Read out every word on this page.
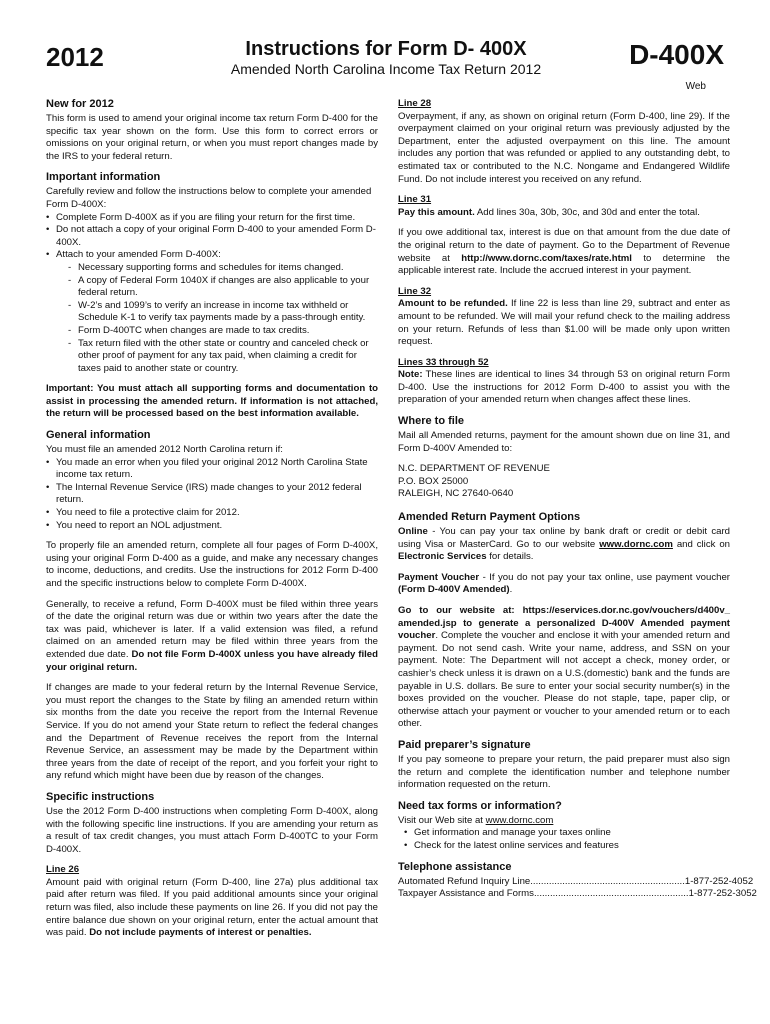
2012	Instructions for Form D- 400X
Amended North Carolina Income Tax Return 2012	D-400X
Web
New for 2012

This form is used to amend your original income tax return Form D-400 for the specific tax year shown on the form. Use this form to correct errors or omissions on your original return, or when you must report changes made by the IRS to your federal return.

Important information
Carefully review and follow the instructions below to complete your amended Form D-400X:
• Complete Form D-400X as if you are filing your return for the first time.
• Do not attach a copy of your original Form D-400 to your amended Form D-400X.
• Attach to your amended Form D-400X:
- Necessary supporting forms and schedules for items changed.
- A copy of Federal Form 1040X if changes are also applicable to your federal return.
- W-2’s and 1099’s to verify an increase in income tax withheld or Schedule K-1 to verify tax payments made by a pass-through entity.
- Form D-400TC when changes are made to tax credits.
- Tax return filed with the other state or country and canceled check or other proof of payment for any tax paid, when claiming a credit for taxes paid to another state or country.

Important: You must attach all supporting forms and documentation to assist in processing the amended return. If information is not attached, the return will be processed based on the best information available.

General information
You must file an amended 2012 North Carolina return if:
• You made an error when you filed your original 2012 North Carolina State income tax return.
• The Internal Revenue Service (IRS) made changes to your 2012 federal return.
• You need to file a protective claim for 2012.
• You need to report an NOL adjustment.

To properly file an amended return, complete all four pages of Form D-400X, using your original Form D-400 as a guide, and make any necessary changes to income, deductions, and credits. Use the instructions for 2012 Form D-400 and the specific instructions below to complete Form D-400X.

Generally, to receive a refund, Form D-400X must be filed within three years of the date the original return was due or within two years after the date the tax was paid, whichever is later. If a valid extension was filed, a refund claimed on an amended return may be filed within three years from the extended due date. Do not file Form D-400X unless you have already filed your original return.

If changes are made to your federal return by the Internal Revenue Service, you must report the changes to the State by filing an amended return within six months from the date you receive the report from the Internal Revenue Service. If you do not amend your State return to reflect the federal changes and the Department of Revenue receives the report from the Internal Revenue Service, an assessment may be made by the Department within three years from the date of receipt of the report, and you forfeit your right to any refund which might have been due by reason of the changes.

Specific instructions

Use the 2012 Form D-400 instructions when completing Form D-400X, along with the following specific line instructions. If you are amending your return as a result of tax credit changes, you must attach Form D-400TC to your Form D-400X.

Line 26

Amount paid with original return (Form D-400, line 27a) plus additional tax paid after return was filed. If you paid additional amounts since your original return was filed, also include these payments on line 26. If you did not pay the entire balance due shown on your original return, enter the actual amount that was paid. Do not include payments of interest or penalties.

Line 28

Overpayment, if any, as shown on original return (Form D-400, line 29). If the overpayment claimed on your original return was previously adjusted by the Department, enter the adjusted overpayment on this line. The amount includes any portion that was refunded or applied to any outstanding debt, to estimated tax or contributed to the N.C. Nongame and Endangered Wildlife Fund. Do not include interest you received on any refund.

Line 31

Pay this amount. Add lines 30a, 30b, 30c, and 30d and enter the total.

If you owe additional tax, interest is due on that amount from the due date of the original return to the date of payment. Go to the Department of Revenue website at http://www.dornc.com/taxes/rate.html to determine the applicable interest rate. Include the accrued interest in your payment.

Line 32

Amount to be refunded. If line 22 is less than line 29, subtract and enter as amount to be refunded. We will mail your refund check to the mailing address on your return. Refunds of less than $1.00 will be made only upon written request.

Lines 33 through 52

Note: These lines are identical to lines 34 through 53 on original return Form D-400. Use the instructions for 2012 Form D-400 to assist you with the preparation of your amended return when changes affect these lines.

Where to file

Mail all Amended returns, payment for the amount shown due on line 31, and Form D-400V Amended to:

N.C. DEPARTMENT OF REVENUE

P.O. BOX 25000

RALEIGH, NC 27640-0640

Amended Return Payment Options

Online - You can pay your tax online by bank draft or credit or debit card using Visa or MasterCard. Go to our website www.dornc.com and click on Electronic Services for details.

Payment Voucher - If you do not pay your tax online, use payment voucher (Form D-400V Amended).

Go to our website at: https://eservices.dor.nc.gov/vouchers/d400v_ amended.jsp to generate a personalized D-400V Amended payment voucher. Complete the voucher and enclose it with your amended return and payment. Do not send cash. Write your name, address, and SSN on your payment. Note: The Department will not accept a check, money order, or cashier’s check unless it is drawn on a U.S.(domestic) bank and the funds are payable in U.S. dollars. Be sure to enter your social security number(s) in the boxes provided on the voucher. Please do not staple, tape, paper clip, or otherwise attach your payment or voucher to your amended return or to each other.

Paid preparer’s signature

If you pay someone to prepare your return, the paid preparer must also sign the return and complete the identification number and telephone number information requested on the return.

Need tax forms or information?
Visit our Web site at www.dornc.com
• Get information and manage your taxes online
• Check for the latest online services and features
Telephone assistance
Automated Refund Inquiry Line .......................................................... 1-877-252-4052
Taxpayer Assistance and Forms .......................................................... 1-877-252-3052
